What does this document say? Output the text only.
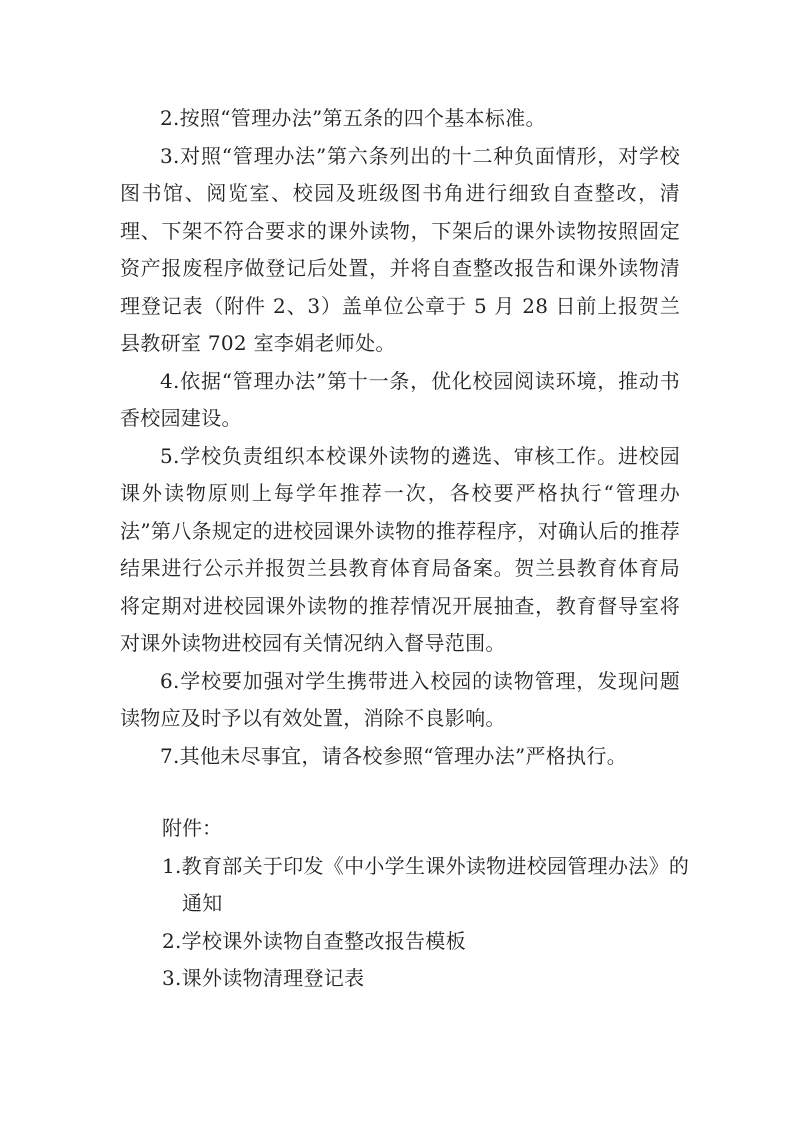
2.按照“管理办法”第五条的四个基本标准。

3.对照“管理办法”第六条列出的十二种负面情形，对学校图书馆、阅览室、校园及班级图书角进行细致自查整改，清理、下架不符合要求的课外读物，下架后的课外读物按照固定资产报废程序做登记后处置，并将自查整改报告和课外读物清理登记表（附件 2、3）盖单位公章于 5 月 28 日前上报贺兰县教研室 702 室李娟老师处。

4.依据“管理办法”第十一条，优化校园阅读环境，推动书香校园建设。

5.学校负责组织本校课外读物的遴选、审核工作。进校园课外读物原则上每学年推荐一次，各校要严格执行“管理办法”第八条规定的进校园课外读物的推荐程序，对确认后的推荐结果进行公示并报贺兰县教育体育局备案。贺兰县教育体育局将定期对进校园课外读物的推荐情况开展抽查，教育督导室将对课外读物进校园有关情况纳入督导范围。

6.学校要加强对学生携带进入校园的读物管理，发现问题读物应及时予以有效处置，消除不良影响。

7.其他未尽事宜，请各校参照“管理办法”严格执行。

附件：

1.教育部关于印发《中小学生课外读物进校园管理办法》的通知

2.学校课外读物自查整改报告模板

3.课外读物清理登记表
